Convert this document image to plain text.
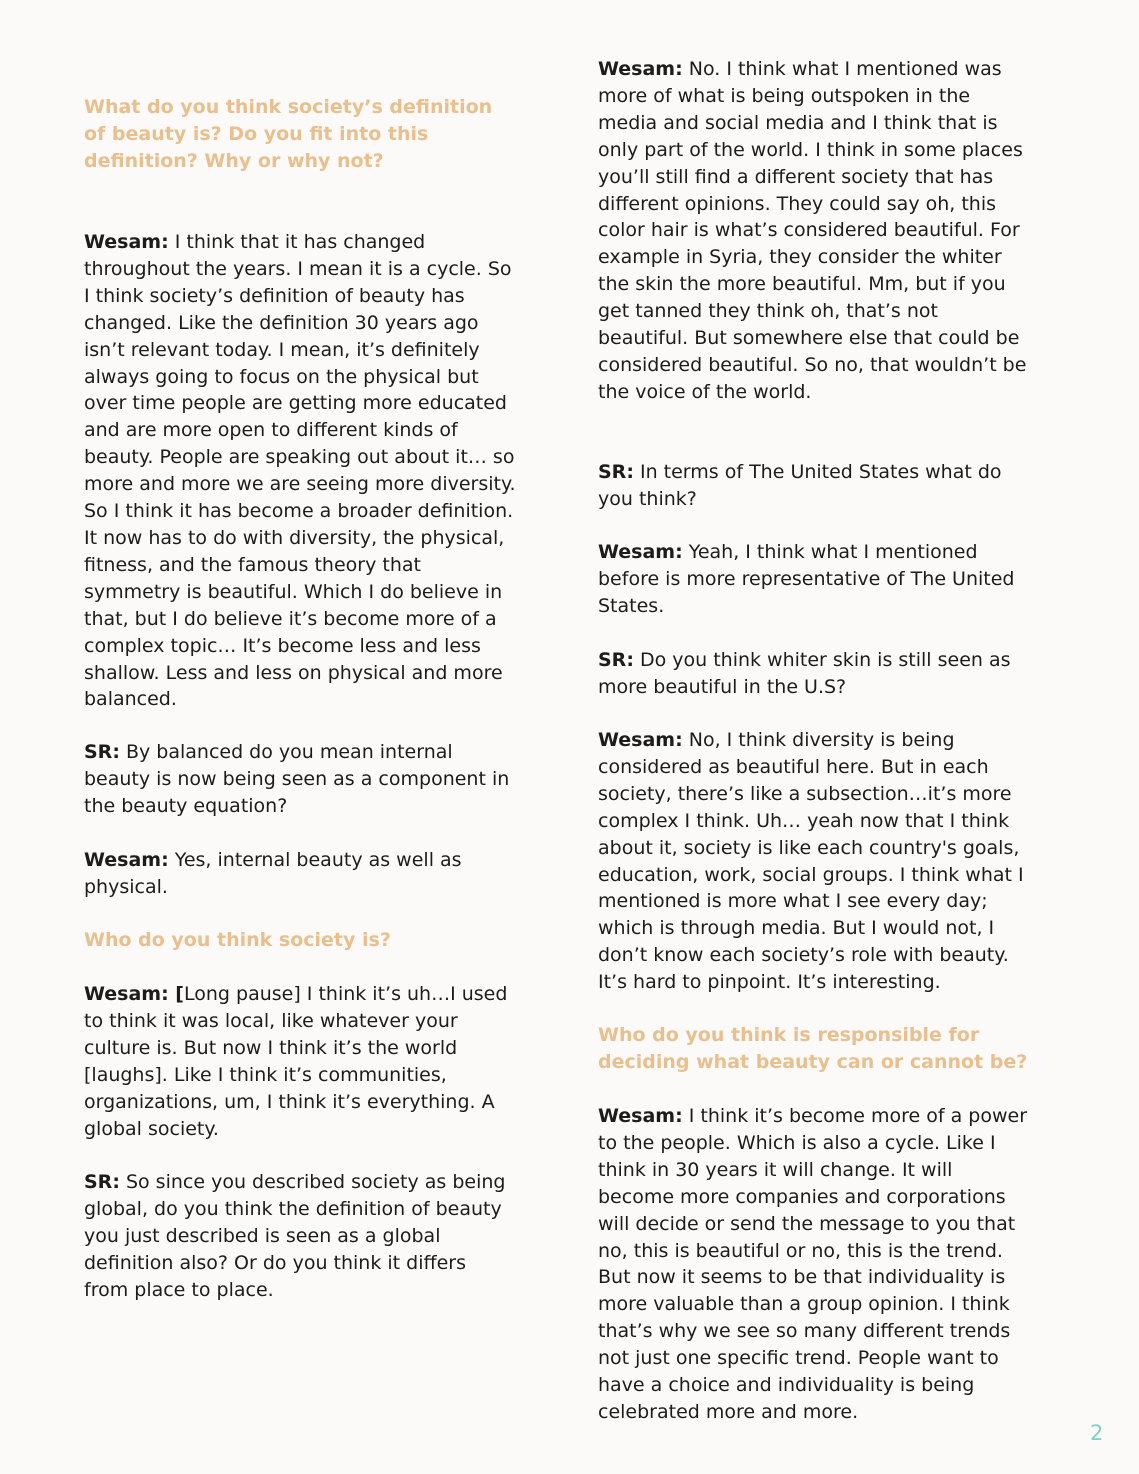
What do you think society’s definition of beauty is? Do you fit into this definition? Why or why not?

Wesam: I think that it has changed throughout the years. I mean it is a cycle. So I think society’s definition of beauty has changed. Like the definition 30 years ago isn’t relevant today. I mean, it’s definitely always going to focus on the physical but over time people are getting more educated and are more open to different kinds of beauty. People are speaking out about it… so more and more we are seeing more diversity. So I think it has become a broader definition. It now has to do with diversity, the physical, fitness, and the famous theory that symmetry is beautiful. Which I do believe in that, but I do believe it’s become more of a complex topic… It’s become less and less shallow. Less and less on physical and more balanced.

SR: By balanced do you mean internal beauty is now being seen as a component in the beauty equation?

Wesam: Yes, internal beauty as well as physical.

Who do you think society is?

Wesam: [Long pause] I think it’s uh…I used to think it was local, like whatever your culture is. But now I think it’s the world [laughs]. Like I think it’s communities, organizations, um, I think it’s everything. A global society.

SR: So since you described society as being global, do you think the definition of beauty you just described is seen as a global definition also? Or do you think it differs from place to place.

Wesam: No. I think what I mentioned was more of what is being outspoken in the media and social media and I think that is only part of the world. I think in some places you’ll still find a different society that has different opinions. They could say oh, this color hair is what’s considered beautiful. For example in Syria, they consider the whiter the skin the more beautiful. Mm, but if you get tanned they think oh, that’s not beautiful. But somewhere else that could be considered beautiful. So no, that wouldn’t be the voice of the world.

SR: In terms of The United States what do you think?

Wesam: Yeah, I think what I mentioned before is more representative of The United States.

SR: Do you think whiter skin is still seen as more beautiful in the U.S?

Wesam: No, I think diversity is being considered as beautiful here. But in each society, there’s like a subsection…it’s more complex I think. Uh… yeah now that I think about it, society is like each country's goals, education, work, social groups. I think what I mentioned is more what I see every day; which is through media. But I would not, I don’t know each society’s role with beauty. It’s hard to pinpoint. It’s interesting.

Who do you think is responsible for deciding what beauty can or cannot be?

Wesam: I think it’s become more of a power to the people. Which is also a cycle. Like I think in 30 years it will change. It will become more companies and corporations will decide or send the message to you that no, this is beautiful or no, this is the trend. But now it seems to be that individuality is more valuable than a group opinion. I think that’s why we see so many different trends not just one specific trend. People want to have a choice and individuality is being celebrated more and more.

2
